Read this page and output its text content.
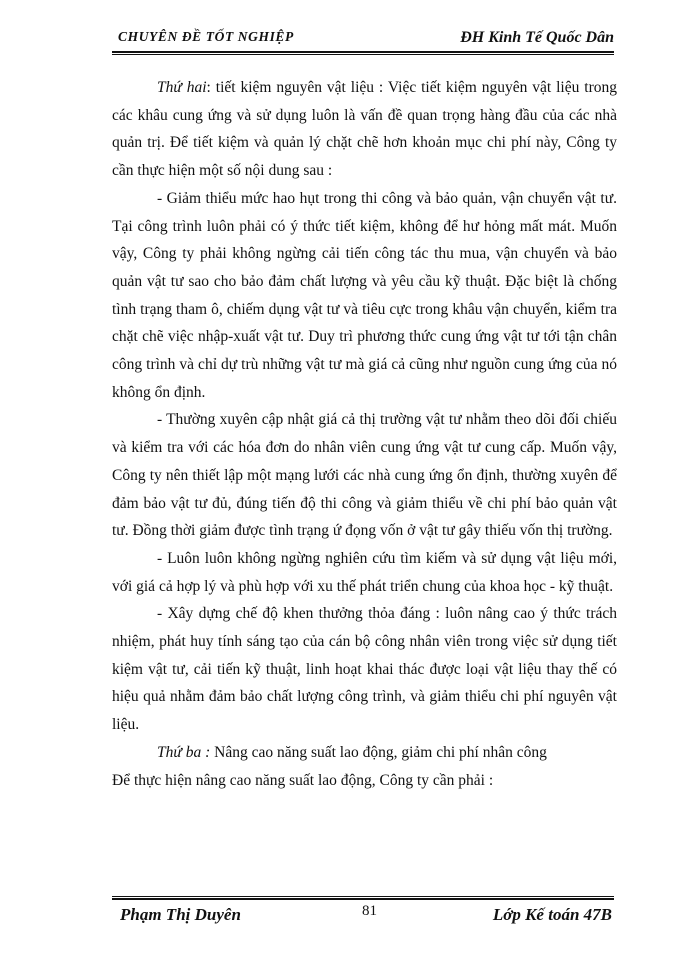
CHUYÊN ĐỀ TỐT NGHIỆP	ĐH Kinh Tế Quốc Dân

Thứ hai: tiết kiệm nguyên vật liệu : Việc tiết kiệm nguyên vật liệu trong các khâu cung ứng và sử dụng luôn là vấn đề quan trọng hàng đầu của các nhà quản trị. Để tiết kiệm và quản lý chặt chẽ hơn khoản mục chi phí này, Công ty cần thực hiện một số nội dung sau :

- Giảm thiểu mức hao hụt trong thi công và bảo quản, vận chuyển vật tư. Tại công trình luôn phải có ý thức tiết kiệm, không để hư hỏng mất mát. Muốn vậy, Công ty phải không ngừng cải tiến công tác thu mua, vận chuyển và bảo quản vật tư sao cho bảo đảm chất lượng và yêu cầu kỹ thuật. Đặc biệt là chống tình trạng tham ô, chiếm dụng vật tư và tiêu cực trong khâu vận chuyển, kiểm tra chặt chẽ việc nhập-xuất vật tư. Duy trì phương thức cung ứng vật tư tới tận chân công trình và chỉ dự trù những vật tư mà giá cả cũng như nguồn cung ứng của nó không ổn định.

- Thường xuyên cập nhật giá cả thị trường vật tư nhằm theo dõi đối chiếu và kiểm tra với các hóa đơn do nhân viên cung ứng vật tư cung cấp. Muốn vậy, Công ty nên thiết lập một mạng lưới các nhà cung ứng ổn định, thường xuyên để đảm bảo vật tư đủ, đúng tiến độ thi công và giảm thiểu về chi phí bảo quản vật tư. Đồng thời giảm được tình trạng ứ đọng vốn ở vật tư gây thiếu vốn thị trường.

- Luôn luôn không ngừng nghiên cứu tìm kiếm và sử dụng vật liệu mới, với giá cả hợp lý và phù hợp với xu thế phát triển chung của khoa học - kỹ thuật.

- Xây dựng chế độ khen thưởng thỏa đáng : luôn nâng cao ý thức trách nhiệm, phát huy tính sáng tạo của cán bộ công nhân viên trong việc sử dụng tiết kiệm vật tư, cải tiến kỹ thuật, linh hoạt khai thác được loại vật liệu thay thế có hiệu quả nhằm đảm bảo chất lượng công trình, và giảm thiểu chi phí nguyên vật liệu.

Thứ ba : Nâng cao năng suất lao động, giảm chi phí nhân công

Để thực hiện nâng cao năng suất lao động, Công ty cần phải :

Phạm Thị Duyên	81	Lớp Kế toán 47B
